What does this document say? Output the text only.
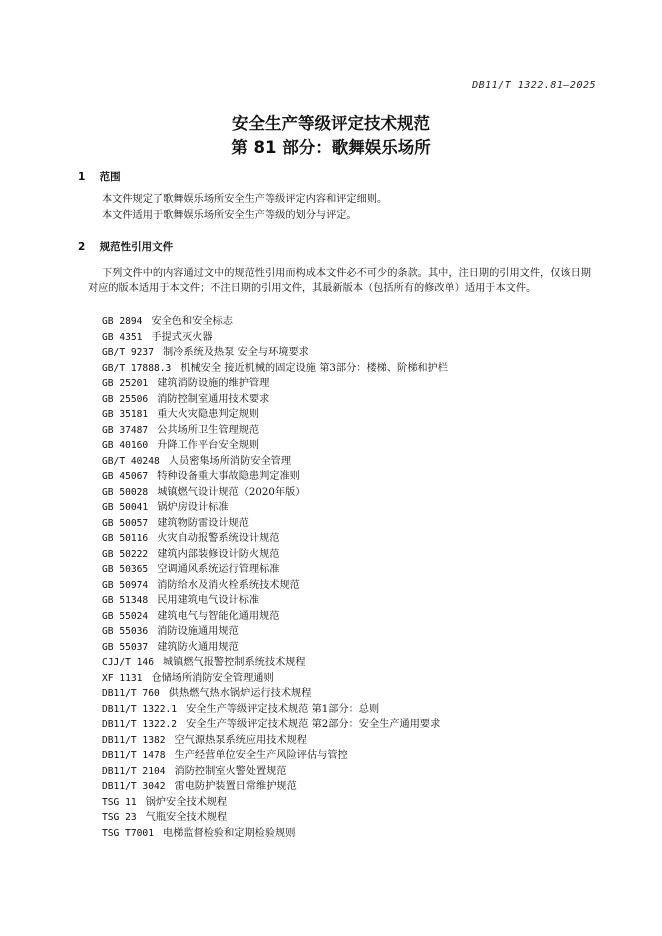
DB11/T 1322.81—2025
安全生产等级评定技术规范
第 81 部分：歌舞娱乐场所
1 范围
本文件规定了歌舞娱乐场所安全生产等级评定内容和评定细则。
本文件适用于歌舞娱乐场所安全生产等级的划分与评定。
2 规范性引用文件
下列文件中的内容通过文中的规范性引用而构成本文件必不可少的条款。其中，注日期的引用文件，仅该日期对应的版本适用于本文件；不注日期的引用文件，其最新版本（包括所有的修改单）适用于本文件。
GB 2894 安全色和安全标志
GB 4351 手提式灭火器
GB/T 9237 制冷系统及热泵 安全与环境要求
GB/T 17888.3 机械安全 接近机械的固定设施 第3部分：楼梯、阶梯和护栏
GB 25201 建筑消防设施的维护管理
GB 25506 消防控制室通用技术要求
GB 35181 重大火灾隐患判定规则
GB 37487 公共场所卫生管理规范
GB 40160 升降工作平台安全规则
GB/T 40248 人员密集场所消防安全管理
GB 45067 特种设备重大事故隐患判定准则
GB 50028 城镇燃气设计规范（2020年版）
GB 50041 锅炉房设计标准
GB 50057 建筑物防雷设计规范
GB 50116 火灾自动报警系统设计规范
GB 50222 建筑内部装修设计防火规范
GB 50365 空调通风系统运行管理标准
GB 50974 消防给水及消火栓系统技术规范
GB 51348 民用建筑电气设计标准
GB 55024 建筑电气与智能化通用规范
GB 55036 消防设施通用规范
GB 55037 建筑防火通用规范
CJJ/T 146 城镇燃气报警控制系统技术规程
XF 1131 仓储场所消防安全管理通则
DB11/T 760 供热燃气热水锅炉运行技术规程
DB11/T 1322.1 安全生产等级评定技术规范 第1部分：总则
DB11/T 1322.2 安全生产等级评定技术规范 第2部分：安全生产通用要求
DB11/T 1382 空气源热泵系统应用技术规程
DB11/T 1478 生产经营单位安全生产风险评估与管控
DB11/T 2104 消防控制室火警处置规范
DB11/T 3042 雷电防护装置日常维护规范
TSG 11 锅炉安全技术规程
TSG 23 气瓶安全技术规程
TSG T7001 电梯监督检验和定期检验规则
